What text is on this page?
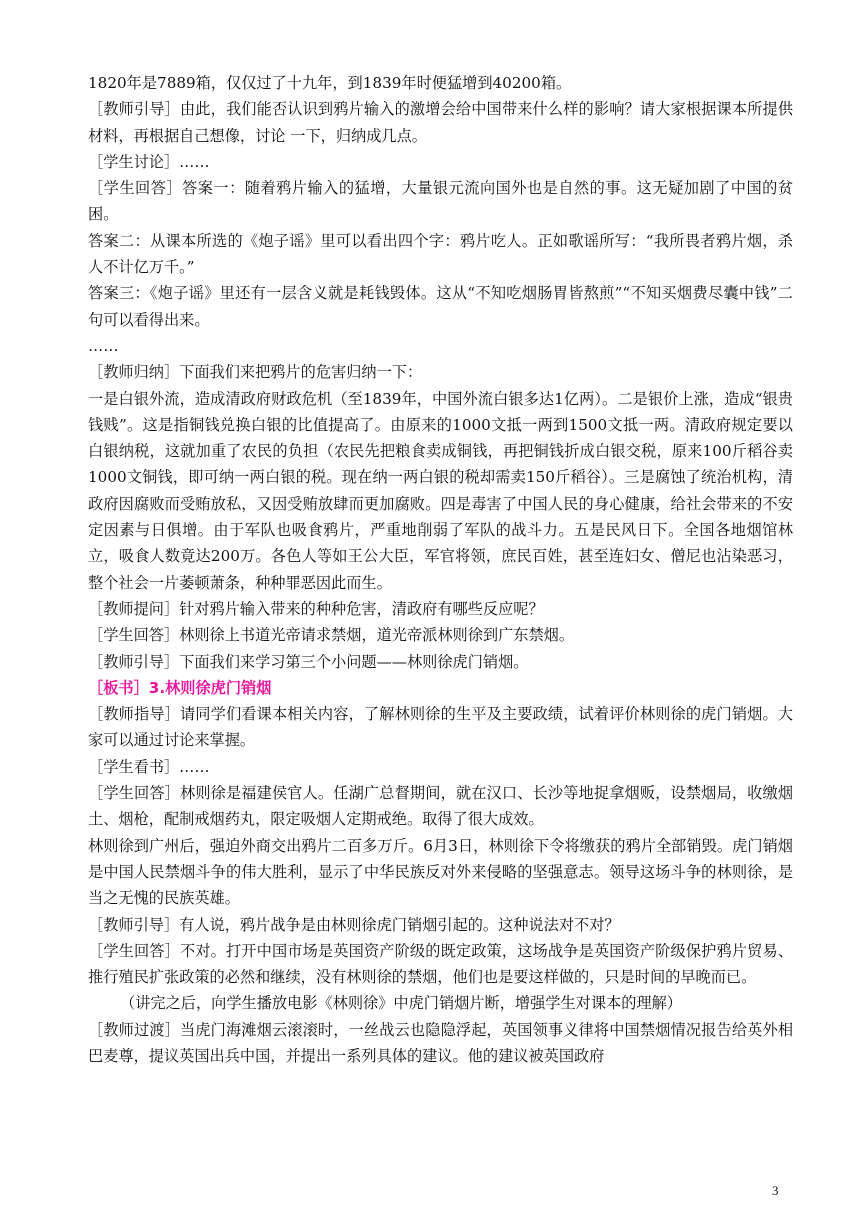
1820年是7889箱，仅仅过了十九年，到1839年时便猛增到40200箱。

［教师引导］由此，我们能否认识到鸦片输入的激增会给中国带来什么样的影响？请大家根据课本所提供材料，再根据自己想像，讨论 一下，归纳成几点。

［学生讨论］……

［学生回答］答案一：随着鸦片输入的猛增，大量银元流向国外也是自然的事。这无疑加剧了中国的贫困。

答案二：从课本所选的《炮子谣》里可以看出四个字：鸦片吃人。正如歌谣所写：“我所畏者鸦片烟，杀人不计亿万千。”

答案三：《炮子谣》里还有一层含义就是耗钱毁体。这从“不知吃烟肠胃皆熬煎”“不知买烟费尽囊中钱”二句可以看得出来。

……

［教师归纳］下面我们来把鸦片的危害归纳一下：

一是白银外流，造成清政府财政危机（至1839年，中国外流白银多达1亿两）。二是银价上涨，造成“银贵钱贱”。这是指铜钱兑换白银的比值提高了。由原来的1000文抵一两到1500文抵一两。清政府规定要以白银纳税，这就加重了农民的负担（农民先把粮食卖成铜钱，再把铜钱折成白银交税，原来100斤稻谷卖1000文铜钱，即可纳一两白银的税。现在纳一两白银的税却需卖150斤稻谷）。三是腐蚀了统治机构，清政府因腐败而受贿放私，又因受贿放肆而更加腐败。四是毒害了中国人民的身心健康，给社会带来的不安定因素与日俱增。由于军队也吸食鸦片，严重地削弱了军队的战斗力。五是民风日下。全国各地烟馆林立，吸食人数竟达200万。各色人等如王公大臣，军官将领，庶民百姓，甚至连妇女、僧尼也沾染恶习，整个社会一片萎顿萧条，种种罪恶因此而生。

［教师提问］针对鸦片输入带来的种种危害，清政府有哪些反应呢？

［学生回答］林则徐上书道光帝请求禁烟，道光帝派林则徐到广东禁烟。

［教师引导］下面我们来学习第三个小问题——林则徐虎门销烟。

［板书］3.林则徐虎门销烟

［教师指导］请同学们看课本相关内容，了解林则徐的生平及主要政绩，试着评价林则徐的虎门销烟。大家可以通过讨论来掌握。

［学生看书］……

［学生回答］林则徐是福建侯官人。任湖广总督期间，就在汉口、长沙等地捉拿烟贩，设禁烟局，收缴烟土、烟枪，配制戒烟药丸，限定吸烟人定期戒绝。取得了很大成效。

林则徐到广州后，强迫外商交出鸦片二百多万斤。6月3日，林则徐下令将缴获的鸦片全部销毁。虎门销烟是中国人民禁烟斗争的伟大胜利，显示了中华民族反对外来侵略的坚强意志。领导这场斗争的林则徐，是当之无愧的民族英雄。

［教师引导］有人说，鸦片战争是由林则徐虎门销烟引起的。这种说法对不对？

［学生回答］不对。打开中国市场是英国资产阶级的既定政策，这场战争是英国资产阶级保护鸦片贸易、推行殖民扩张政策的必然和继续，没有林则徐的禁烟，他们也是要这样做的，只是时间的早晚而已。

（讲完之后，向学生播放电影《林则徐》中虎门销烟片断，增强学生对课本的理解）

［教师过渡］当虎门海滩烟云滚滚时，一丝战云也隐隐浮起，英国领事义律将中国禁烟情况报告给英外相巴麦尊，提议英国出兵中国，并提出一系列具体的建议。他的建议被英国政府

3
